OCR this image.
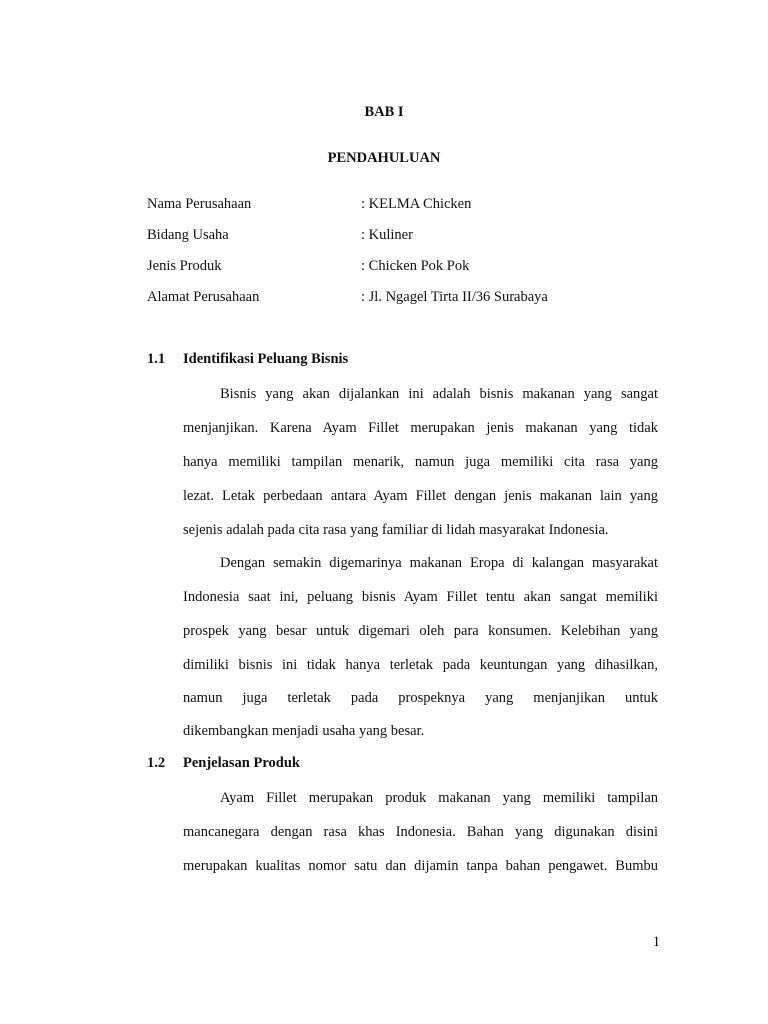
BAB I
PENDAHULUAN
Nama Perusahaan	: KELMA Chicken
Bidang Usaha	: Kuliner
Jenis Produk	: Chicken Pok Pok
Alamat Perusahaan	: Jl. Ngagel Tirta II/36 Surabaya
1.1 Identifikasi Peluang Bisnis
Bisnis yang akan dijalankan ini adalah bisnis makanan yang sangat
menjanjikan. Karena Ayam Fillet merupakan jenis makanan yang tidak
hanya memiliki tampilan menarik, namun juga memiliki cita rasa yang
lezat. Letak perbedaan antara Ayam Fillet dengan jenis makanan lain yang
sejenis adalah pada cita rasa yang familiar di lidah masyarakat Indonesia.
Dengan semakin digemarinya makanan Eropa di kalangan masyarakat
Indonesia saat ini, peluang bisnis Ayam Fillet tentu akan sangat memiliki
prospek yang besar untuk digemari oleh para konsumen. Kelebihan yang
dimiliki bisnis ini tidak hanya terletak pada keuntungan yang dihasilkan,
namun juga terletak pada prospeknya yang menjanjikan untuk
dikembangkan menjadi usaha yang besar.
1.2 Penjelasan Produk
Ayam Fillet merupakan produk makanan yang memiliki tampilan
mancanegara dengan rasa khas Indonesia. Bahan yang digunakan disini
merupakan kualitas nomor satu dan dijamin tanpa bahan pengawet. Bumbu
1
